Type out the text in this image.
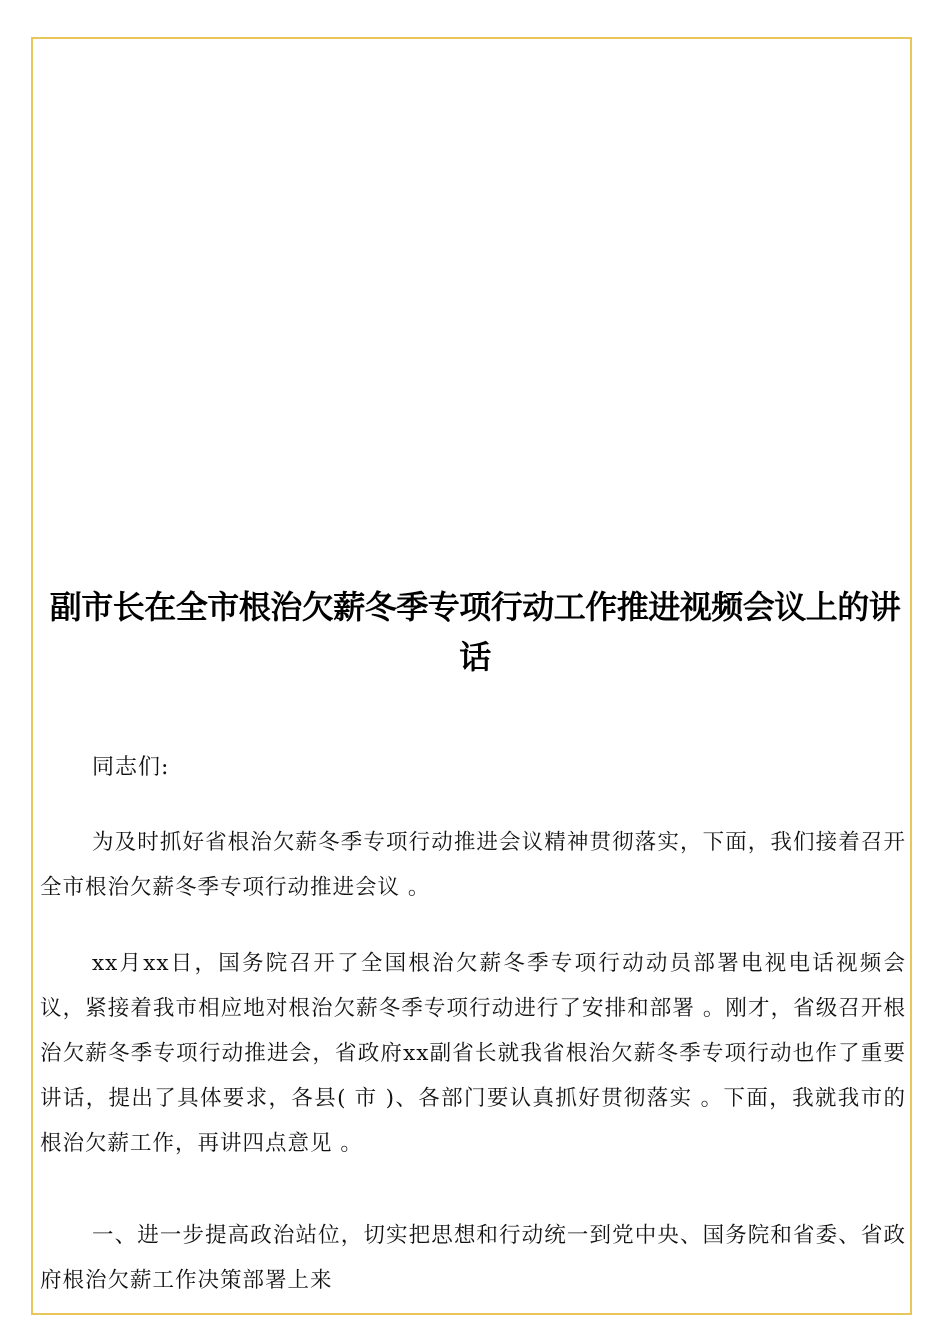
副市长在全市根治欠薪冬季专项行动工作推进视频会议上的讲话
同志们:

为及时抓好省根治欠薪冬季专项行动推进会议精神贯彻落实，下面，我们接着召开全市根治欠薪冬季专项行动推进会议 。

xx月xx日，国务院召开了全国根治欠薪冬季专项行动动员部署电视电话视频会议，紧接着我市相应地对根治欠薪冬季专项行动进行了安排和部署 。刚才，省级召开根治欠薪冬季专项行动推进会，省政府xx副省长就我省根治欠薪冬季专项行动也作了重要讲话，提出了具体要求，各县( 市 )、各部门要认真抓好贯彻落实 。下面，我就我市的根治欠薪工作，再讲四点意见 。

一、进一步提高政治站位，切实把思想和行动统一到党中央、国务院和省委、省政府根治欠薪工作决策部署上来
